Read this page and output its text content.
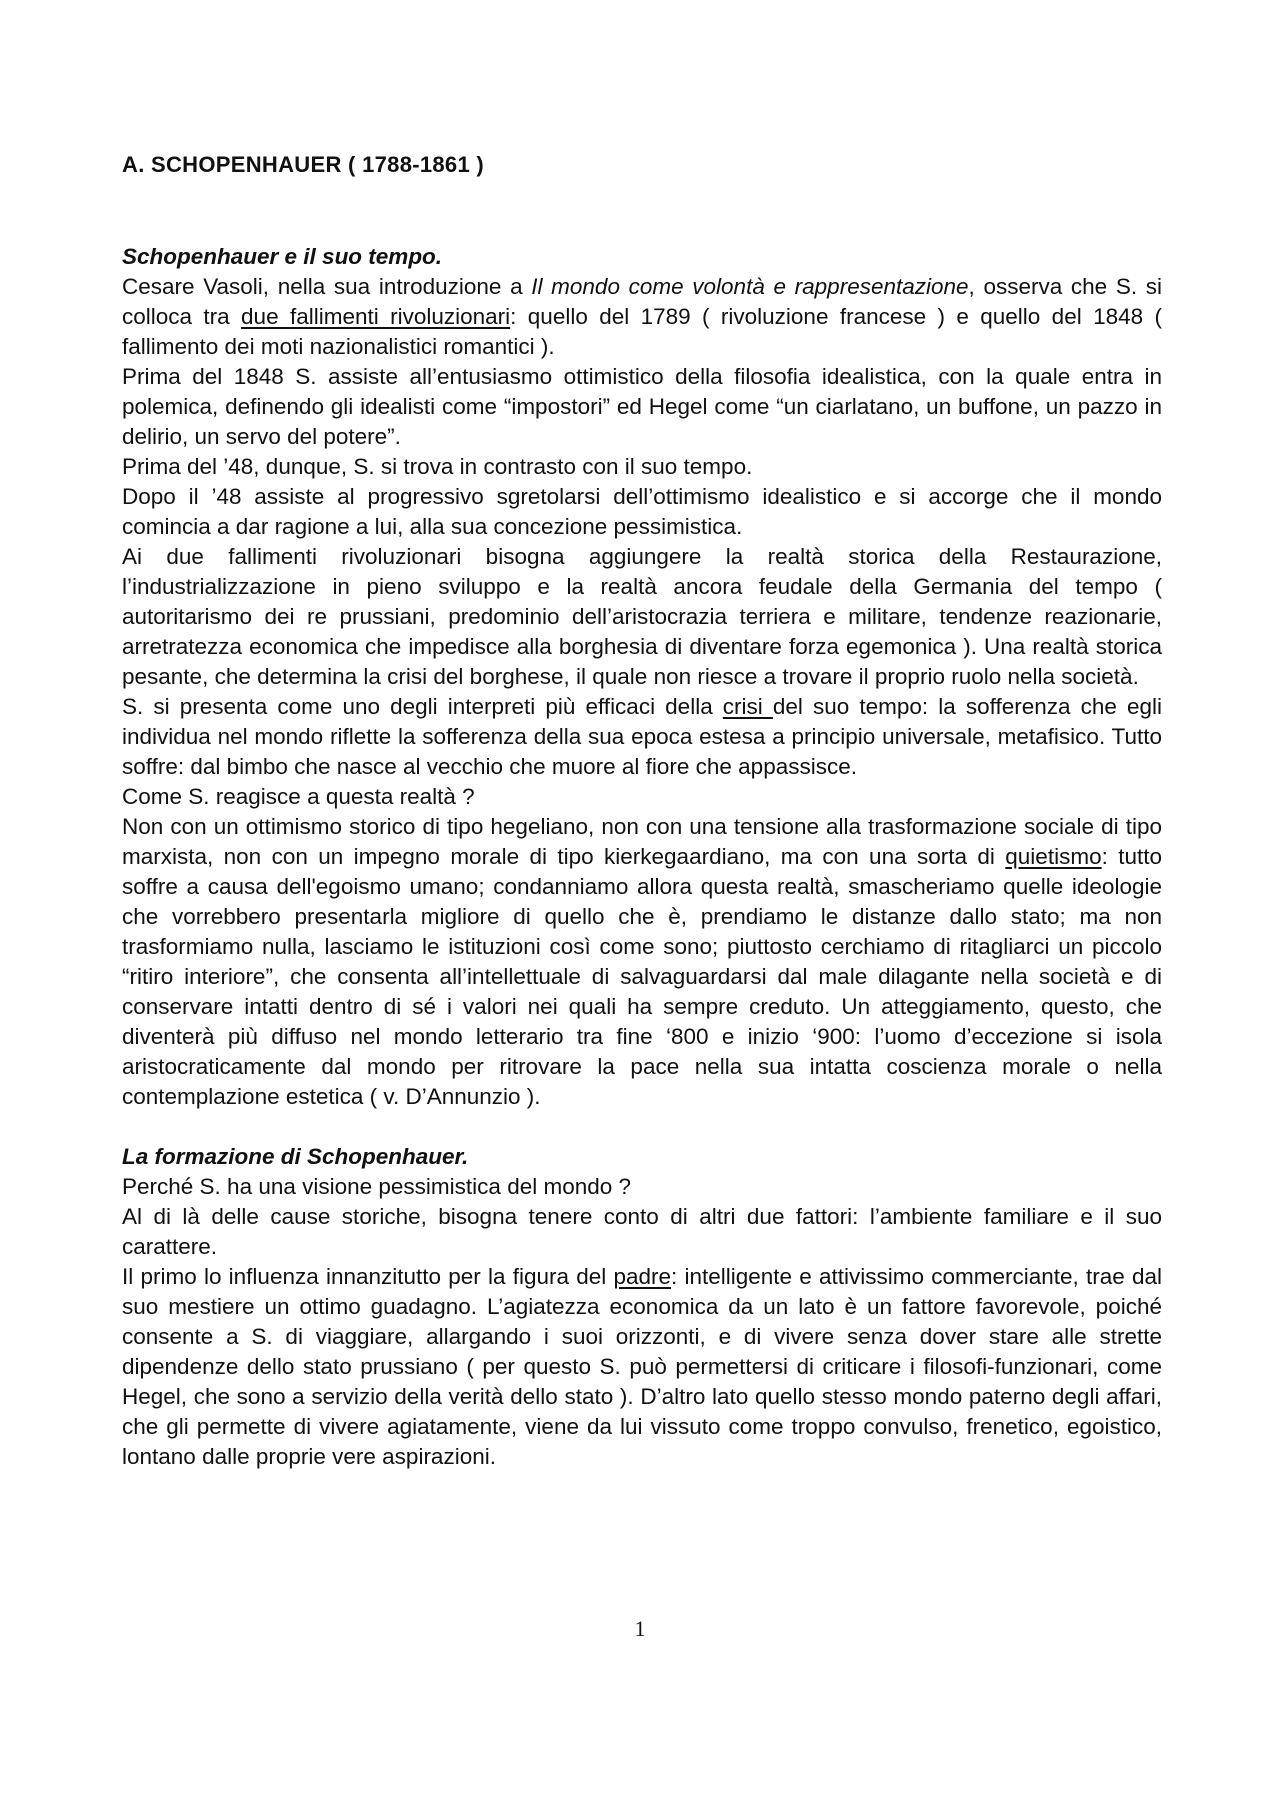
A. SCHOPENHAUER ( 1788-1861 )
Schopenhauer e il suo tempo.

Cesare Vasoli, nella sua introduzione a Il mondo come volontà e rappresentazione, osserva che S. si colloca tra due fallimenti rivoluzionari: quello del 1789 ( rivoluzione francese ) e quello del 1848 ( fallimento dei moti nazionalistici romantici ).

Prima del 1848 S. assiste all’entusiasmo ottimistico della filosofia idealistica, con la quale entra in polemica, definendo gli idealisti come “impostori” ed Hegel come “un ciarlatano, un buffone, un pazzo in delirio, un servo del potere”.

Prima del ’48, dunque, S. si trova in contrasto con il suo tempo.

Dopo il ’48 assiste al progressivo sgretolarsi dell’ottimismo idealistico e si accorge che il mondo comincia a dar ragione a lui, alla sua concezione pessimistica.

Ai due fallimenti rivoluzionari bisogna aggiungere la realtà storica della Restaurazione, l’industrializzazione in pieno sviluppo e la realtà ancora feudale della Germania del tempo ( autoritarismo dei re prussiani, predominio dell’aristocrazia terriera e militare, tendenze reazionarie, arretratezza economica che impedisce alla borghesia di diventare forza egemonica ). Una realtà storica pesante, che determina la crisi del borghese, il quale non riesce a trovare il proprio ruolo nella società.

S. si presenta come uno degli interpreti più efficaci della crisi del suo tempo: la sofferenza che egli individua nel mondo riflette la sofferenza della sua epoca estesa a principio universale, metafisico. Tutto soffre: dal bimbo che nasce al vecchio che muore al fiore che appassisce.

Come S. reagisce a questa realtà ?

Non con un ottimismo storico di tipo hegeliano, non con una tensione alla trasformazione sociale di tipo marxista, non con un impegno morale di tipo kierkegaardiano, ma con una sorta di quietismo: tutto soffre a causa dell'egoismo umano; condanniamo allora questa realtà, smascheriamo quelle ideologie che vorrebbero presentarla migliore di quello che è, prendiamo le distanze dallo stato; ma non trasformiamo nulla, lasciamo le istituzioni così come sono; piuttosto cerchiamo di ritagliarci un piccolo “ritiro interiore”, che consenta all’intellettuale di salvaguardarsi dal male dilagante nella società e di conservare intatti dentro di sé i valori nei quali ha sempre creduto. Un atteggiamento, questo, che diventerà più diffuso nel mondo letterario tra fine ‘800 e inizio ‘900: l’uomo d’eccezione si isola aristocraticamente dal mondo per ritrovare la pace nella sua intatta coscienza morale o nella contemplazione estetica ( v. D’Annunzio ).

La formazione di Schopenhauer.

Perché S. ha una visione pessimistica del mondo ?

Al di là delle cause storiche, bisogna tenere conto di altri due fattori: l’ambiente familiare e il suo carattere.

Il primo lo influenza innanzitutto per la figura del padre: intelligente e attivissimo commerciante, trae dal suo mestiere un ottimo guadagno. L’agiatezza economica da un lato è un fattore favorevole, poiché consente a S. di viaggiare, allargando i suoi orizzonti, e di vivere senza dover stare alle strette dipendenze dello stato prussiano ( per questo S. può permettersi di criticare i filosofi-funzionari, come Hegel, che sono a servizio della verità dello stato ). D’altro lato quello stesso mondo paterno degli affari, che gli permette di vivere agiatamente, viene da lui vissuto come troppo convulso, frenetico, egoistico, lontano dalle proprie vere aspirazioni.

1
